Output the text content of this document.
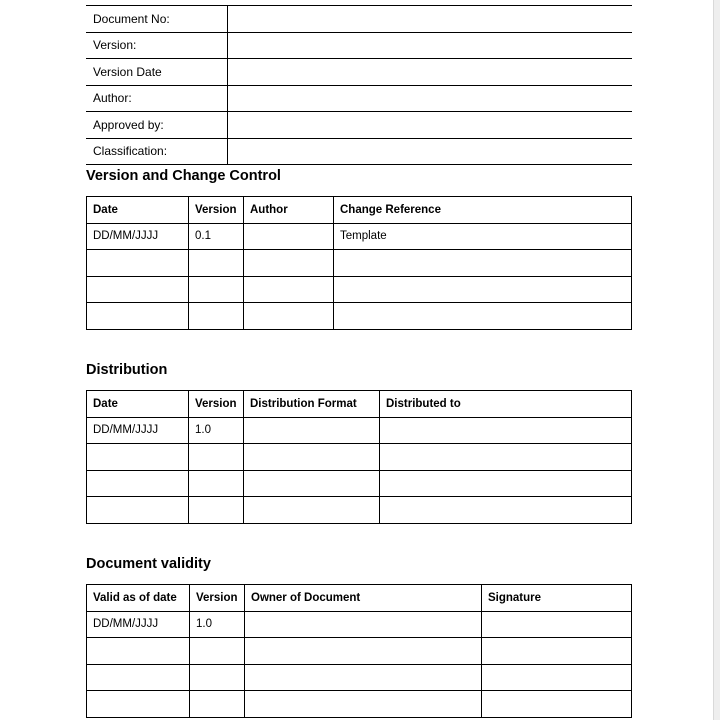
Document No:	
Version:	
Version Date	
Author:	
Approved by:	
Classification:	
Version and Change Control
Date	Version	Author	Change Reference
DD/MM/JJJJ	0.1		Template

Distribution
Date	Version	Distribution Format	Distributed to
DD/MM/JJJJ	1.0		

Document validity
Valid as of date	Version	Owner of Document	Signature
DD/MM/JJJJ	1.0		
